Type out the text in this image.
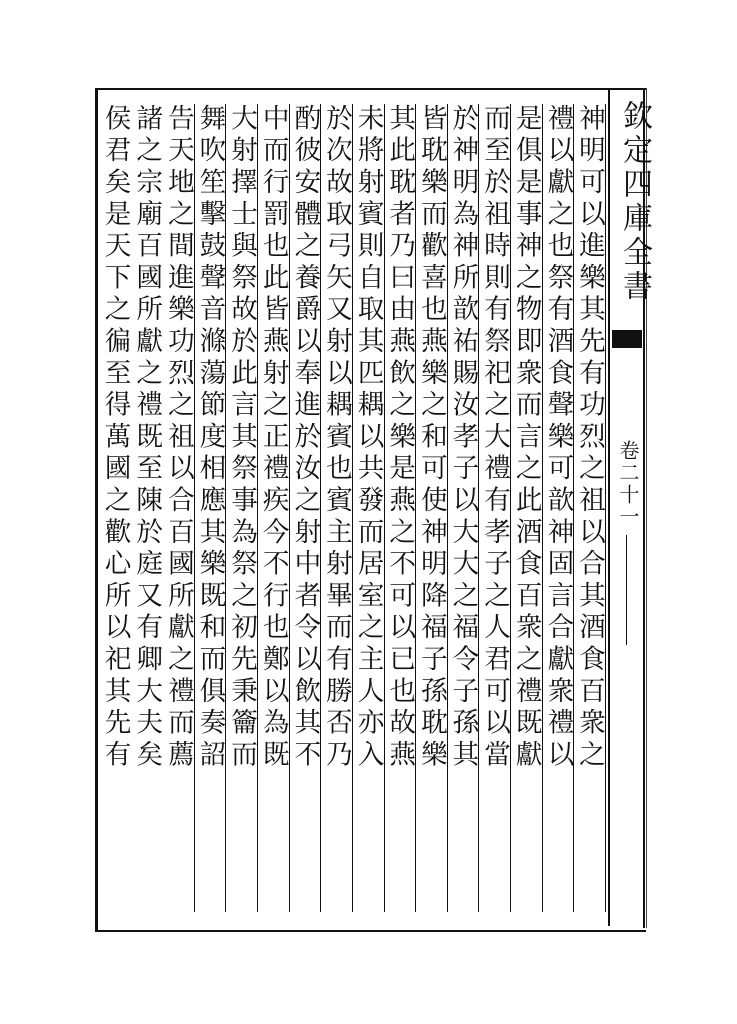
欽定四庫全書
卷二十一
神明可以進樂其先有功烈之祖以合其酒食百衆之
禮以獻之也祭有酒食聲樂可歆神固言合獻衆禮以
是俱是事神之物即衆而言之此酒食百衆之禮既獻
而至於祖時則有祭祀之大禮有孝子之人君可以當
於神明為神所歆祐賜汝孝子以大大之福令子孫其
皆耽樂而歡喜也燕樂之和可使神明降福子孫耽樂
其此耽者乃曰由燕飲之樂是燕之不可以已也故燕
未將射賓則自取其匹耦以共發而居室之主人亦入
於次故取弓矢又射以耦賓也賓主射畢而有勝否乃
酌彼安體之養爵以奉進於汝之射中者令以飲其不
中而行罰也此皆燕射之正禮疾今不行也鄭以為既
大射擇士與祭故於此言其祭事為祭之初先秉籥而
舞吹笙擊鼓聲音滌蕩節度相應其樂既和而俱奏詔
告天地之間進樂功烈之祖以合百國所獻之禮而薦
諸之宗廟百國所獻之禮既至陳於庭又有卿大夫矣
侯君矣是天下之徧至得萬國之歡心所以祀其先有
